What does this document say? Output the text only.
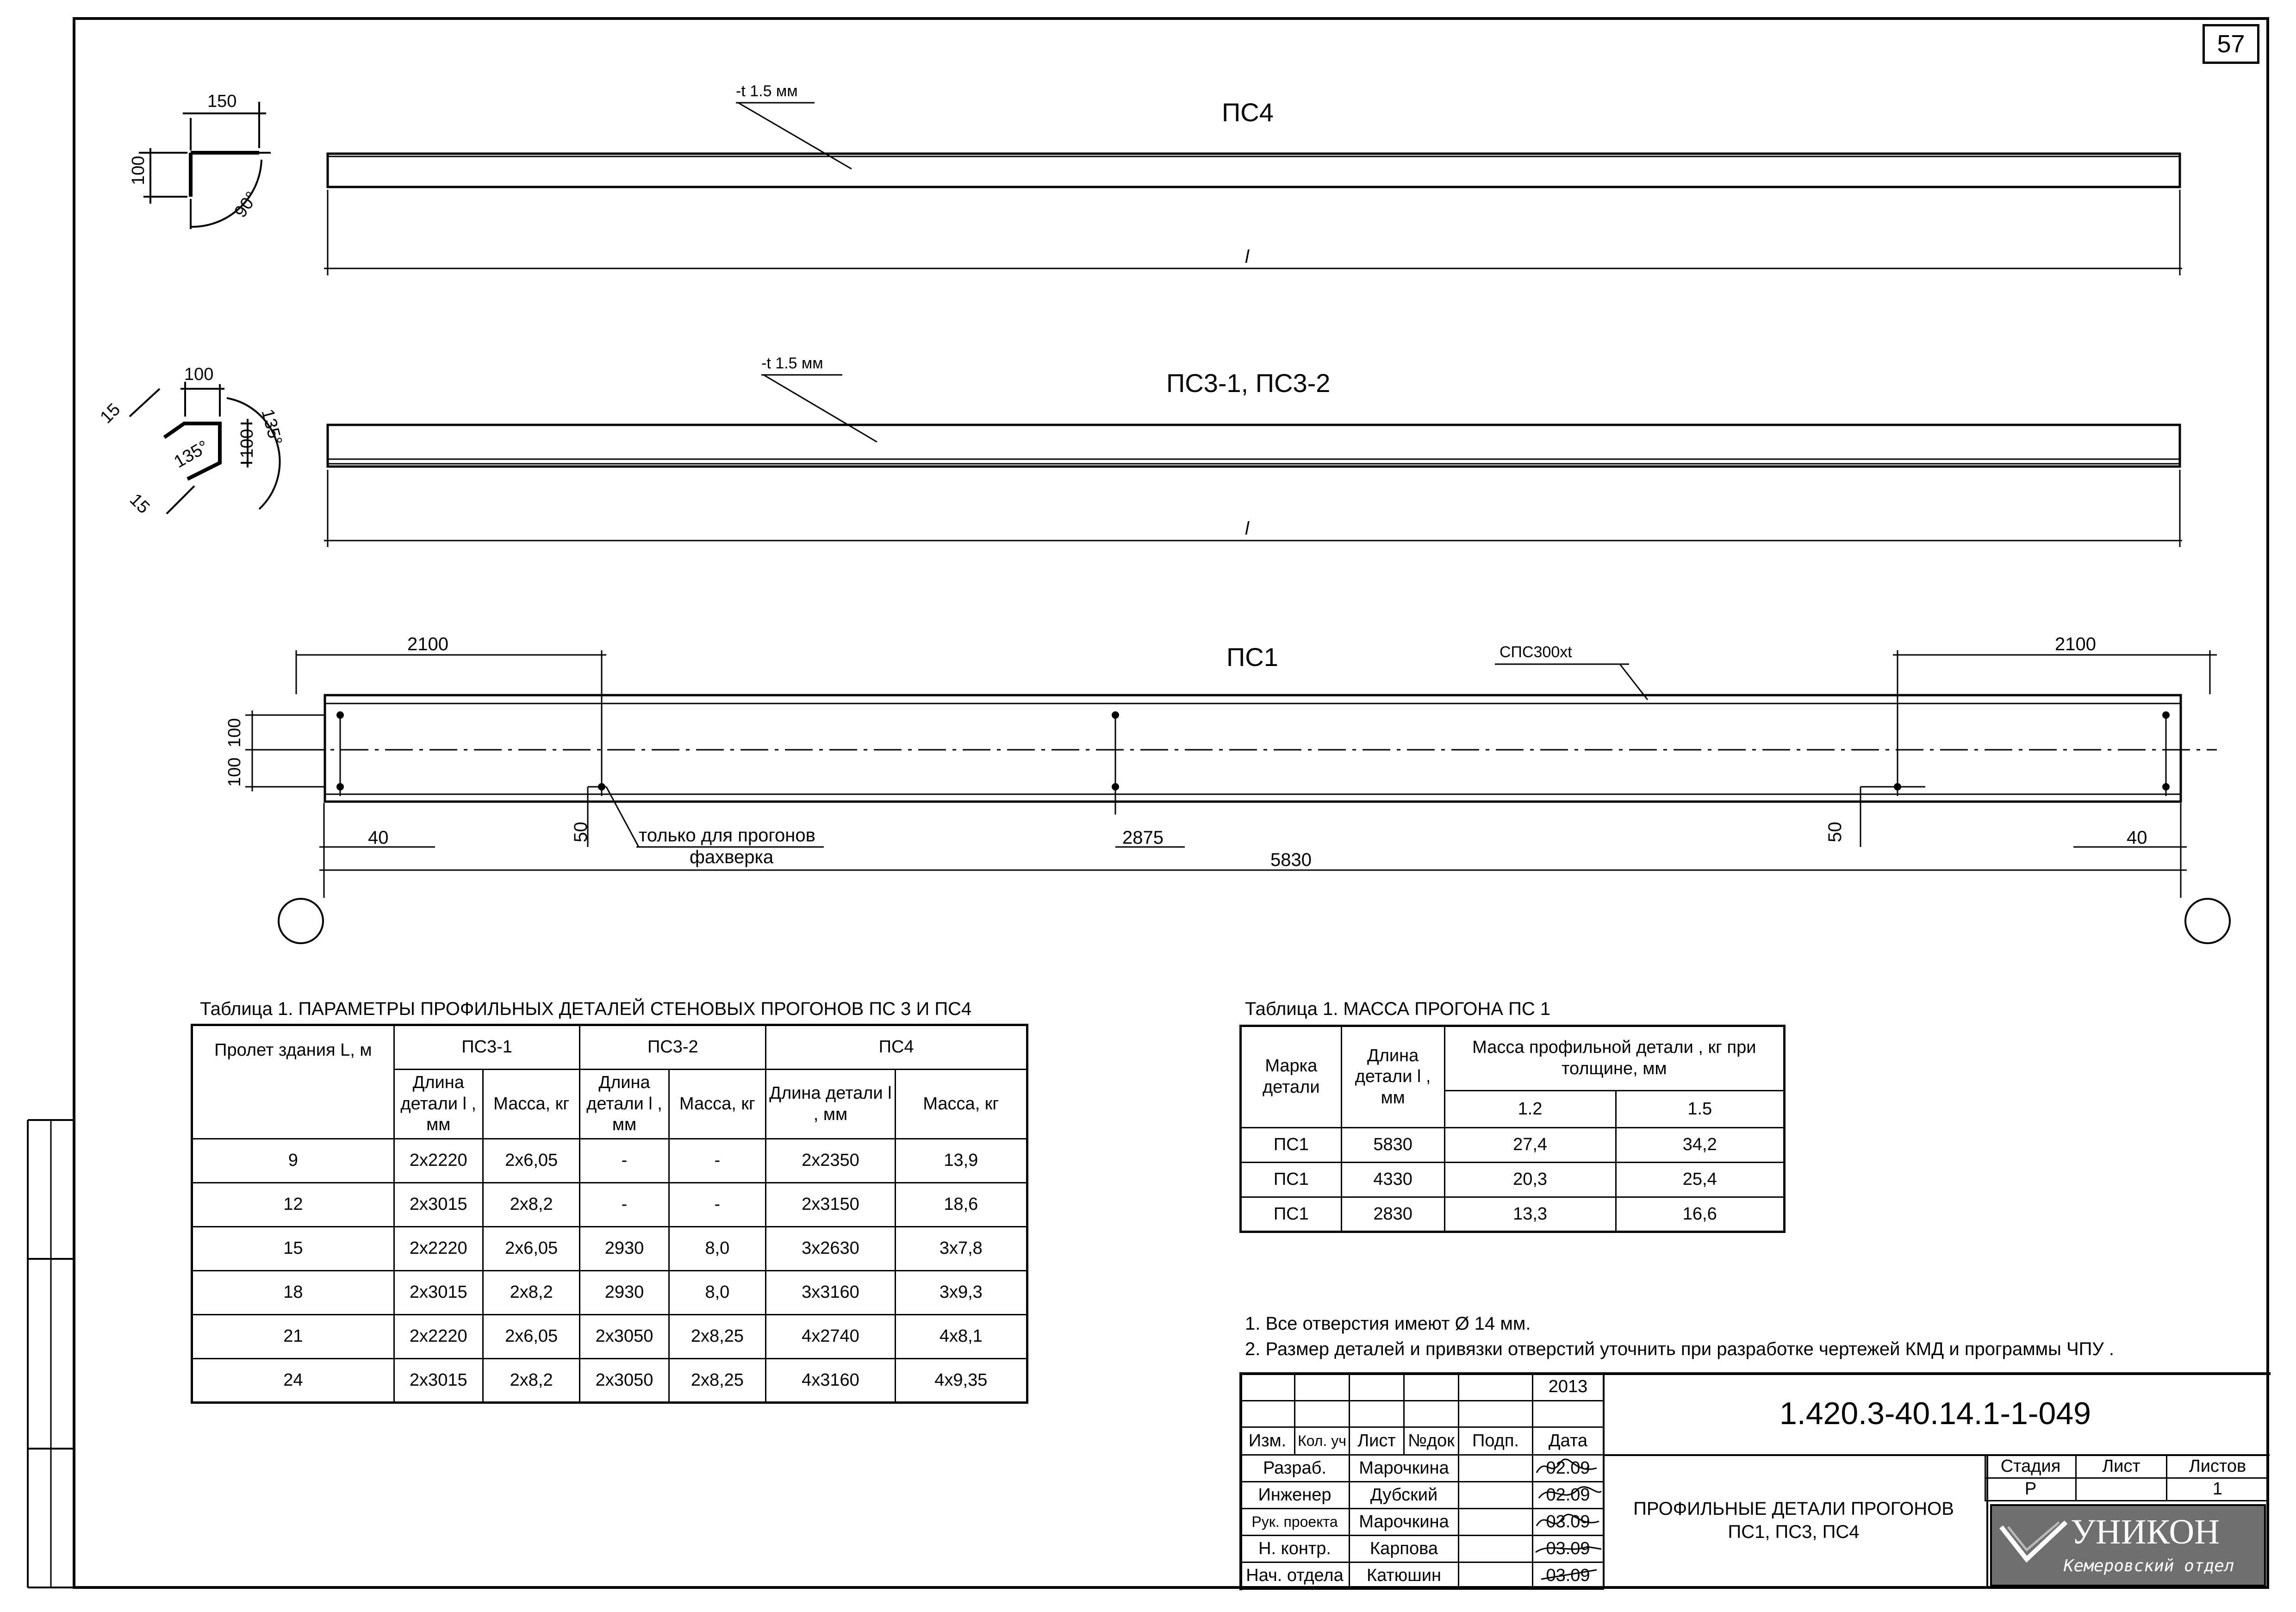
57
150
100
90°
-t 1.5 мм
ПС4
l
100
15
15
135° 100 135°
-t 1.5 мм
ПС3-1, ПС3-2
l
ПС1	СПС300xt
2100	2100
100
100
40	40
50	50
2875
5830
только для прогонов
фахверка
Таблица 1. ПАРАМЕТРЫ ПРОФИЛЬНЫХ ДЕТАЛЕЙ СТЕНОВЫХ ПРОГОНОВ ПС 3 И ПС4
Пролет здания L, м	ПС3-1		ПС3-2		ПС4	
	Длина детали l , мм	Масса, кг	Длина детали l , мм	Масса, кг	Длина детали l , мм	Масса, кг
9	2х2220	2х6,05	-	-	2х2350	13,9
12	2х3015	2х8,2	-	-	2х3150	18,6
15	2х2220	2х6,05	2930	8,0	3х2630	3х7,8
18	2х3015	2х8,2	2930	8,0	3х3160	3х9,3
21	2х2220	2х6,05	2х3050	2х8,25	4х2740	4х8,1
24	2х3015	2х8,2	2х3050	2х8,25	4х3160	4х9,35
Таблица 1. МАССА ПРОГОНА ПС 1
Марка детали	Длина детали l , мм	Масса профильной детали , кг при толщине, мм	
		1.2	1.5
ПС1	5830	27,4	34,2
ПС1	4330	20,3	25,4
ПС1	2830	13,3	16,6
1. Все отверстия имеют Ø 14 мм.
2. Размер деталей и привязки отверстий уточнить при разработке чертежей КМД и программы ЧПУ .
					2013

Изм.	Кол. уч	Лист	№док	Подп.	Дата
Разраб.	Марочкина		02.09
Инженер	Дубский		02.09
Рук. проекта	Марочкина		03.09
Н. контр.	Карпова		03.09
Нач. отдела	Катюшин		03.09
1.420.3-40.14.1-1-049
ПРОФИЛЬНЫЕ ДЕТАЛИ ПРОГОНОВ
ПС1, ПС3, ПС4
Стадия	Лист	Листов
Р		1
УНИКОН
Кемеровский отдел
